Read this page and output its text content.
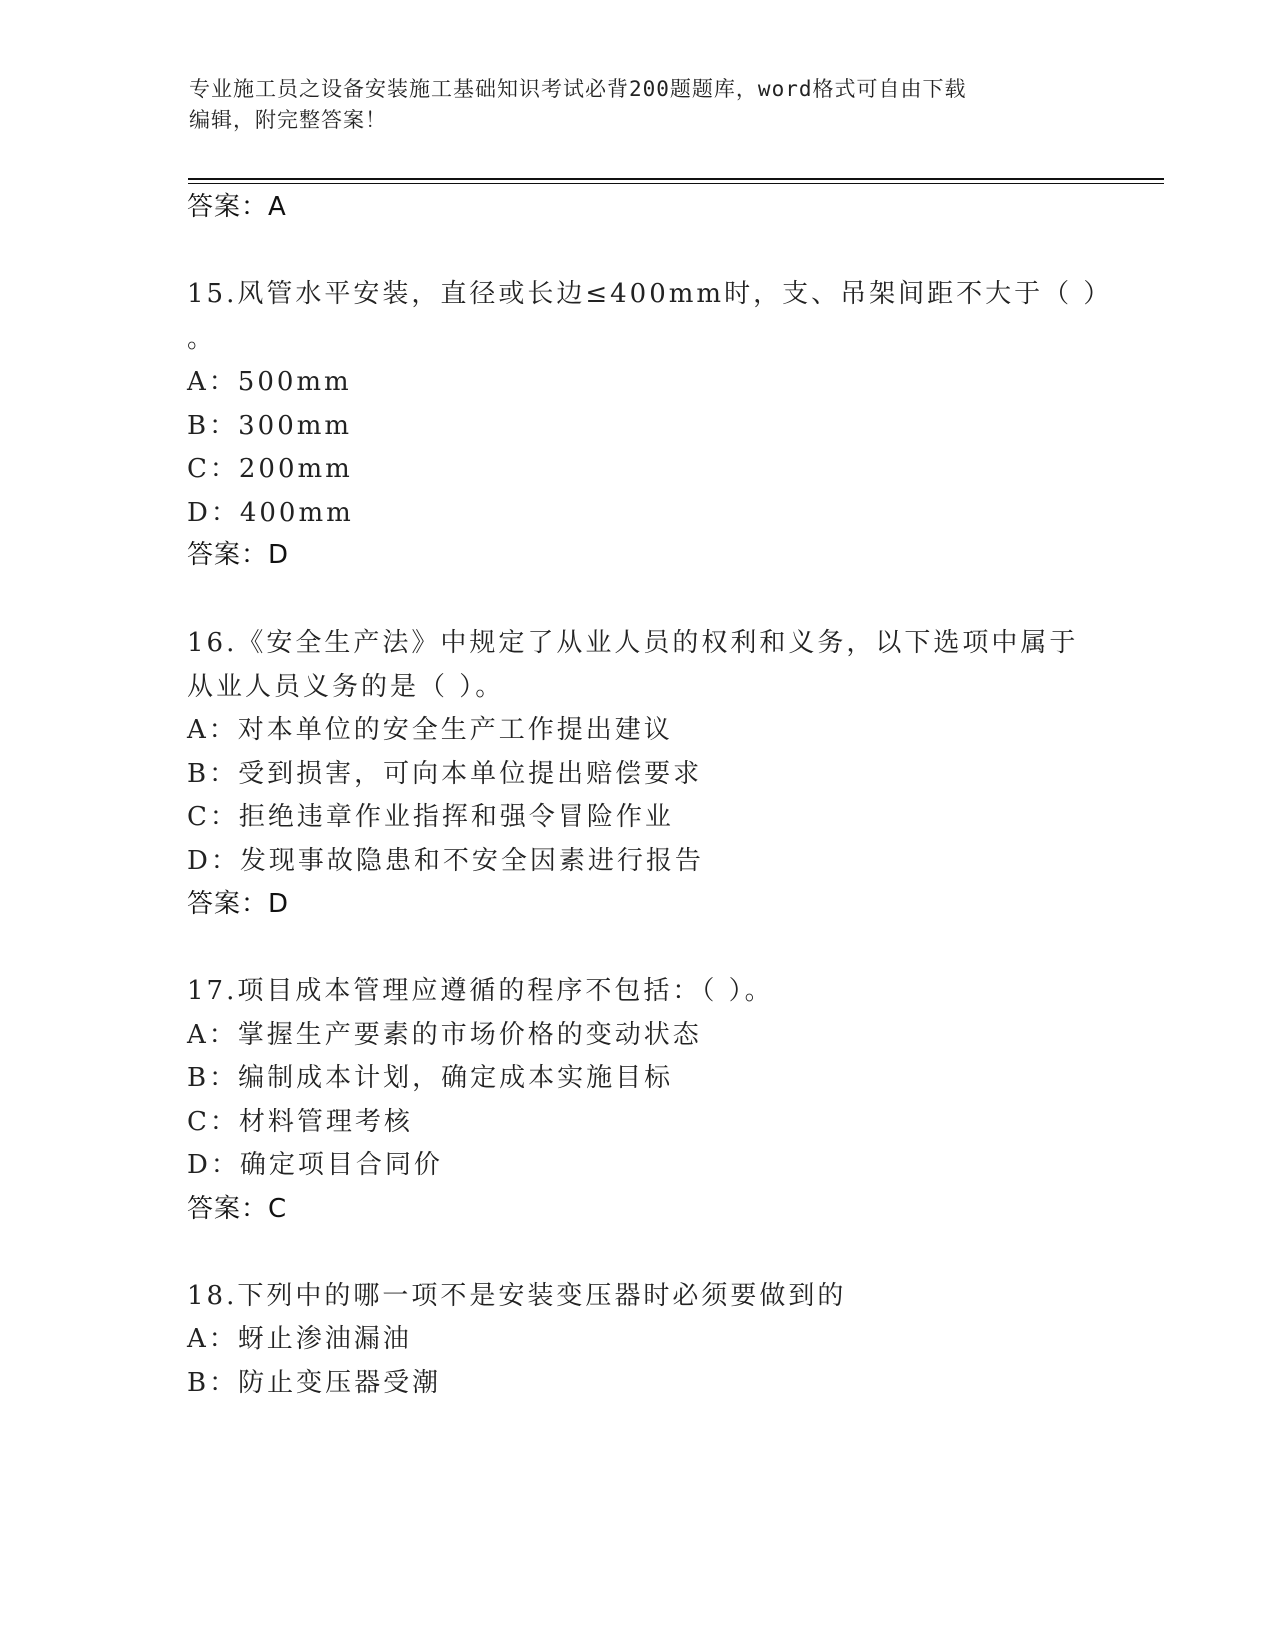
专业施工员之设备安装施工基础知识考试必背200题题库，word格式可自由下载
编辑，附完整答案！
答案：A
15.风管水平安装，直径或长边≤400mm时，支、吊架间距不大于（ ）
。
A：500mm
B：300mm
C：200mm
D：400mm
答案：D
16.《安全生产法》中规定了从业人员的权利和义务，以下选项中属于
从业人员义务的是（ ）。
A：对本单位的安全生产工作提出建议
B：受到损害，可向本单位提出赔偿要求
C：拒绝违章作业指挥和强令冒险作业
D：发现事故隐患和不安全因素进行报告
答案：D
17.项目成本管理应遵循的程序不包括：（ ）。
A：掌握生产要素的市场价格的变动状态
B：编制成本计划，确定成本实施目标
C：材料管理考核
D：确定项目合同价
答案：C
18.下列中的哪一项不是安装变压器时必须要做到的
A：蚜止渗油漏油
B：防止变压器受潮
